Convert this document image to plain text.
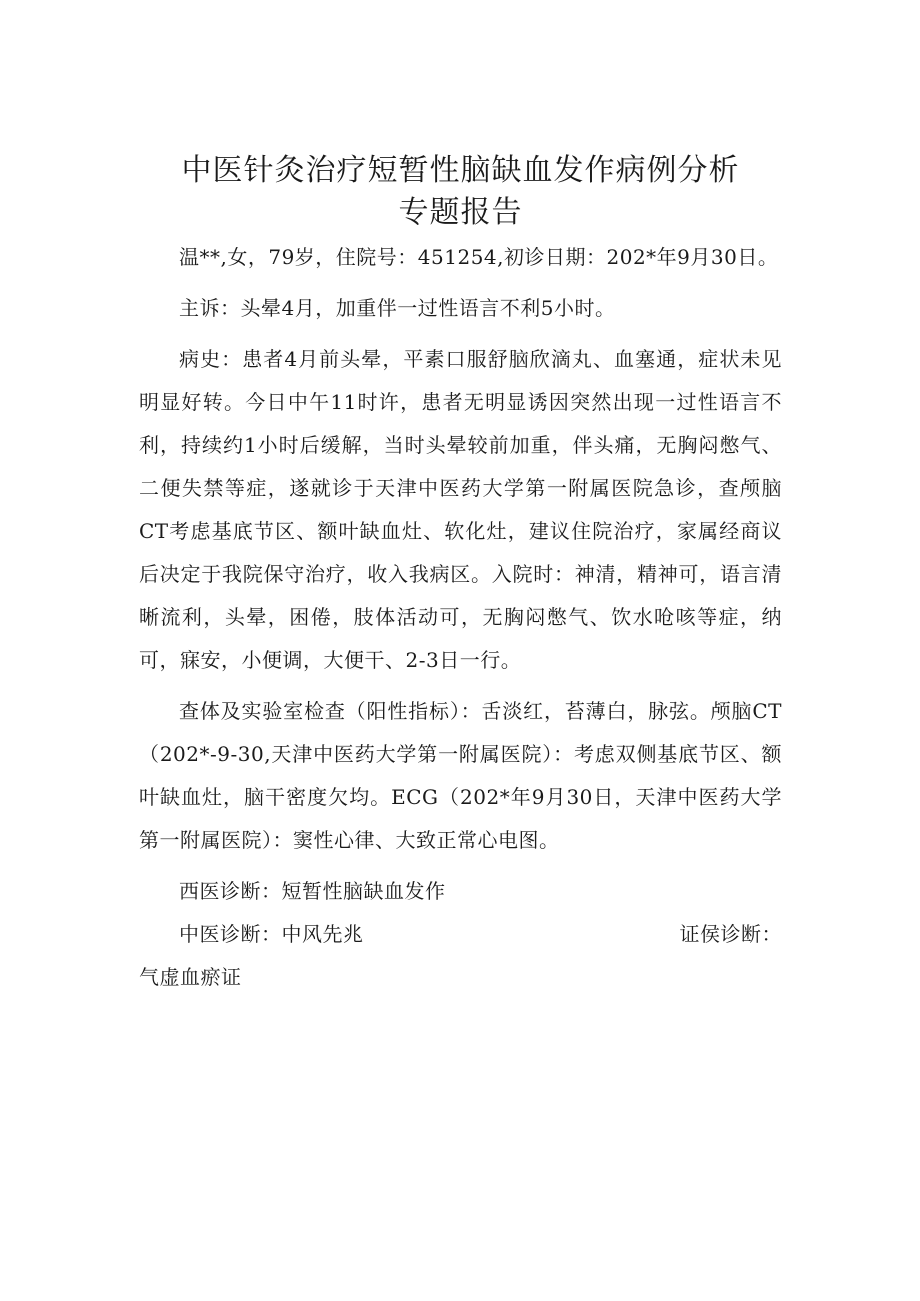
中医针灸治疗短暂性脑缺血发作病例分析
专题报告

温**,女，79岁，住院号：451254,初诊日期：202*年9月30日。

主诉：头晕4月，加重伴一过性语言不利5小时。

病史：患者4月前头晕，平素口服舒脑欣滴丸、血塞通，症状未见明显好转。今日中午11时许，患者无明显诱因突然出现一过性语言不利，持续约1小时后缓解，当时头晕较前加重，伴头痛，无胸闷憋气、二便失禁等症，遂就诊于天津中医药大学第一附属医院急诊，查颅脑CT考虑基底节区、额叶缺血灶、软化灶，建议住院治疗，家属经商议后决定于我院保守治疗，收入我病区。入院时：神清，精神可，语言清晰流利，头晕，困倦，肢体活动可，无胸闷憋气、饮水呛咳等症，纳可，寐安，小便调，大便干、2-3日一行。

查体及实验室检查（阳性指标）：舌淡红，苔薄白，脉弦。颅脑CT（202*-9-30,天津中医药大学第一附属医院）：考虑双侧基底节区、额叶缺血灶，脑干密度欠均。ECG（202*年9月30日，天津中医药大学第一附属医院）：窦性心律、大致正常心电图。

西医诊断：短暂性脑缺血发作

中医诊断：中风先兆	证侯诊断：

气虚血瘀证
